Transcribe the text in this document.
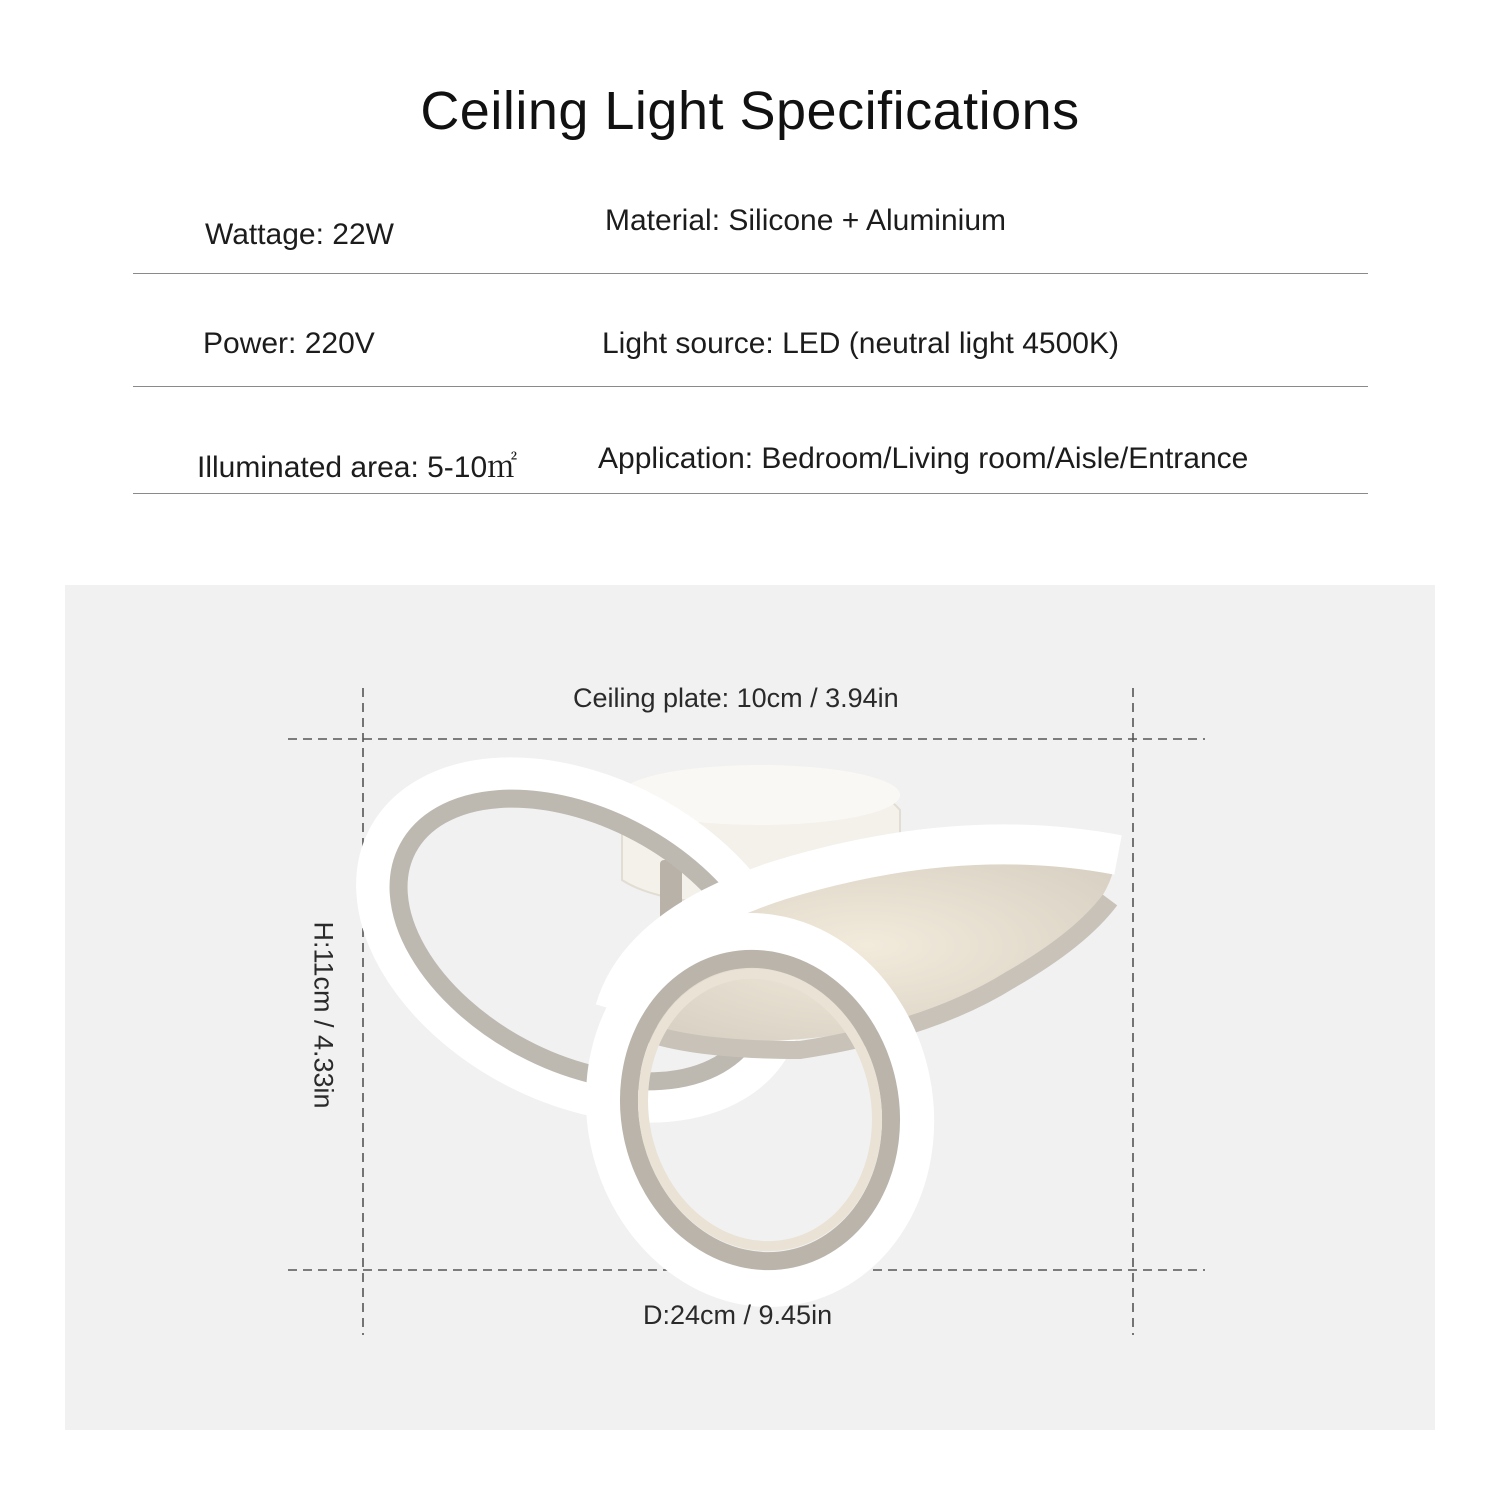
Ceiling Light Specifications
Wattage: 22W	Material: Silicone + Aluminium
Power: 220V	Light source: LED (neutral light 4500K)
Illuminated area: 5-10㎡	Application: Bedroom/Living room/Aisle/Entrance
Ceiling plate: 10cm / 3.94in
H:11cm / 4.33in
D:24cm / 9.45in
